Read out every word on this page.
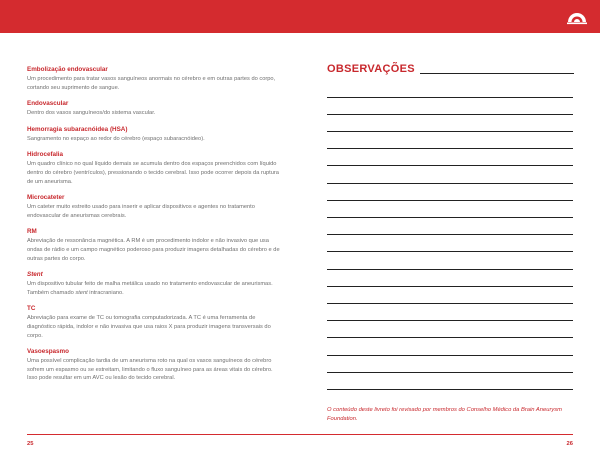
Embolização endovascular

Um procedimento para tratar vasos sanguíneos anormais no cérebro e em outras partes do corpo, cortando seu suprimento de sangue.

Endovascular

Dentro dos vasos sanguíneos/do sistema vascular.

Hemorragia subaracnóidea (HSA)

Sangramento no espaço ao redor do cérebro (espaço subaracnóideo).

Hidrocefalia

Um quadro clínico no qual líquido demais se acumula dentro dos espaços preenchidos com líquido dentro do cérebro (ventrículos), pressionando o tecido cerebral. Isso pode ocorrer depois da ruptura de um aneurisma.

Microcateter

Um cateter muito estreito usado para inserir e aplicar dispositivos e agentes no tratamento endovascular de aneurismas cerebrais.

RM

Abreviação de ressonância magnética. A RM é um procedimento indolor e não invasivo que usa ondas de rádio e um campo magnético poderoso para produzir imagens detalhadas do cérebro e de outras partes do corpo.

Stent

Um dispositivo tubular feito de malha metálica usado no tratamento endovascular de aneurismas. Também chamado stent intracraniano.

TC

Abreviação para exame de TC ou tomografia computadorizada. A TC é uma ferramenta de diagnóstico rápida, indolor e não invasiva que usa raios X para produzir imagens transversais do corpo.

Vasoespasmo

Uma possível complicação tardia de um aneurisma roto na qual os vasos sanguíneos do cérebro sofrem um espasmo ou se estreitam, limitando o fluxo sanguíneo para as áreas vitais do cérebro. Isso pode resultar em um AVC ou lesão do tecido cerebral.

OBSERVAÇÕES
O conteúdo deste livreto foi revisado por membros do Conselho Médico da Brain Aneurysm Foundation.
25	26
